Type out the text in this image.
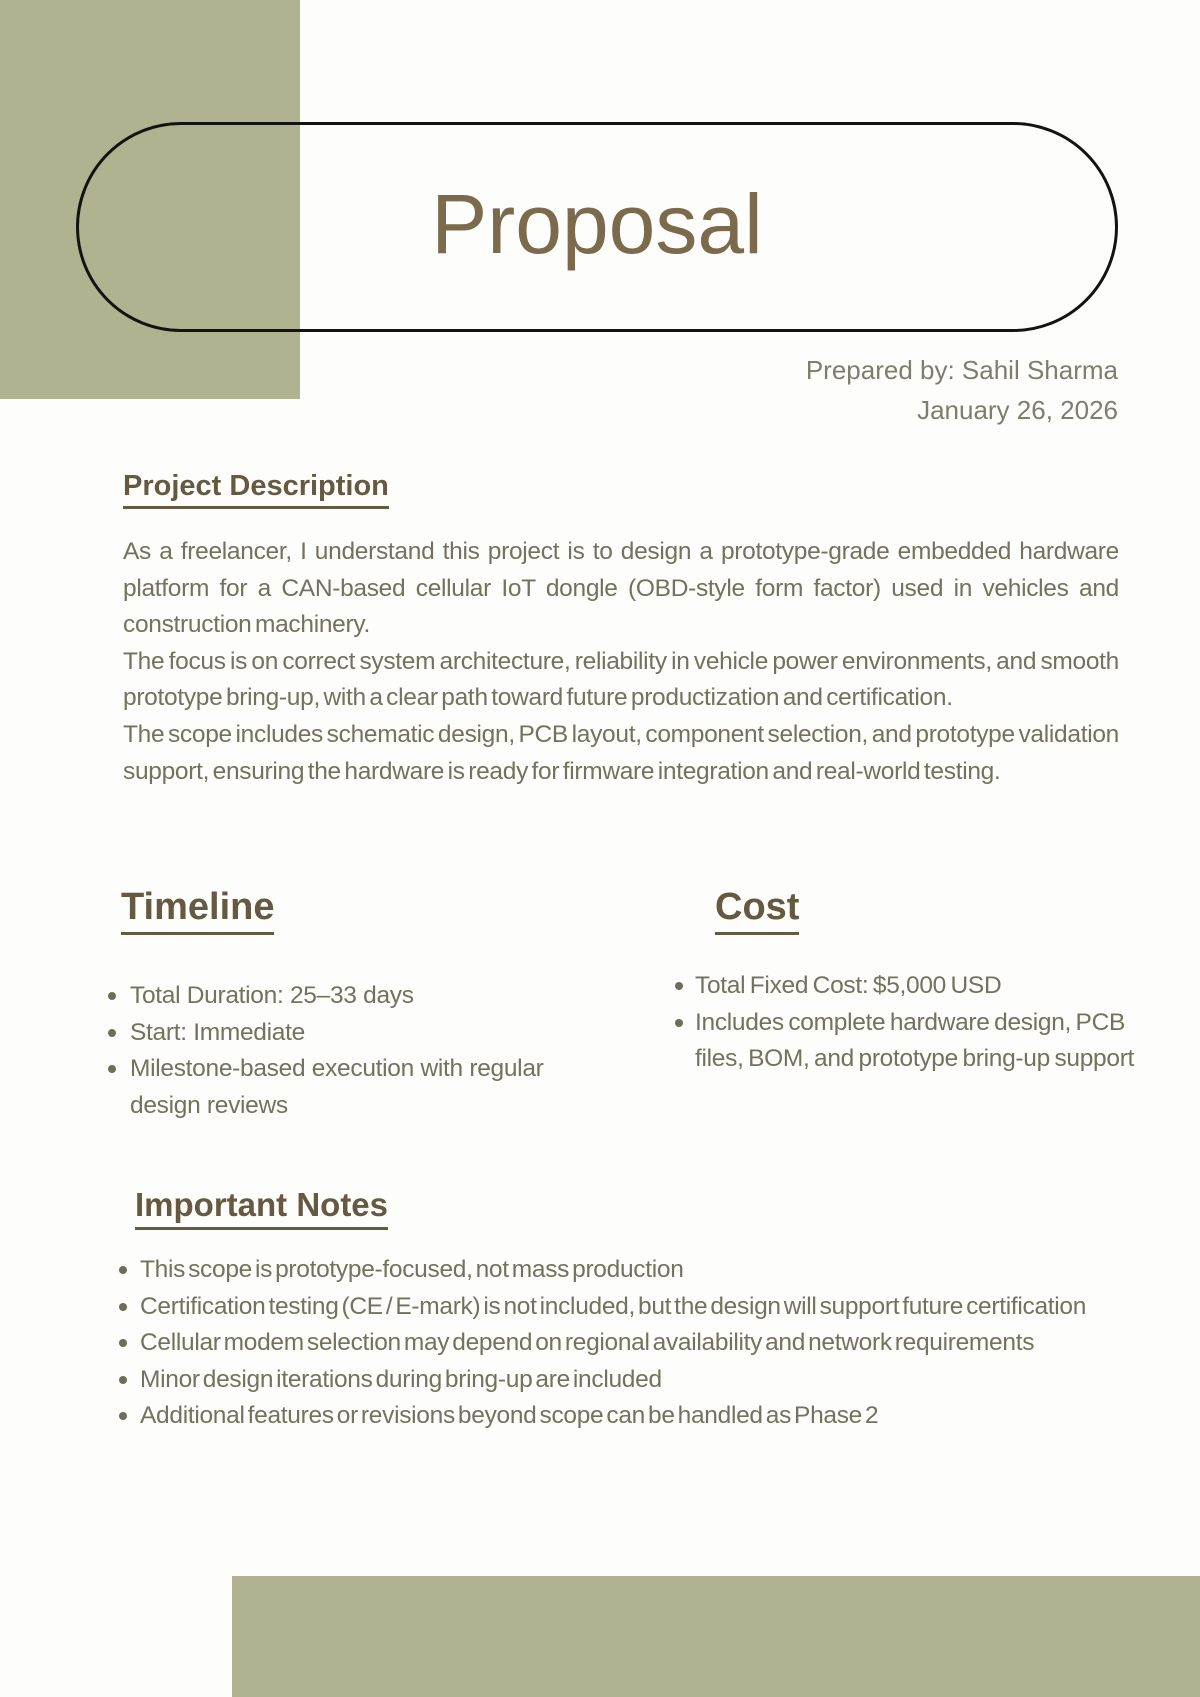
Proposal
Prepared by: Sahil Sharma
January 26, 2026
Project Description

As a freelancer, I understand this project is to design a prototype-grade embedded hardware platform for a CAN-based cellular IoT dongle (OBD-style form factor) used in vehicles and construction machinery.

The focus is on correct system architecture, reliability in vehicle power environments, and smooth prototype bring-up, with a clear path toward future productization and certification.

The scope includes schematic design, PCB layout, component selection, and prototype validation support, ensuring the hardware is ready for firmware integration and real-world testing.

Timeline
Total Duration: 25–33 days
Start: Immediate
Milestone-based execution with regular design reviews
Cost
Total Fixed Cost: $5,000 USD
Includes complete hardware design, PCB files, BOM, and prototype bring-up support
Important Notes
This scope is prototype-focused, not mass production
Certification testing (CE / E-mark) is not included, but the design will support future certification
Cellular modem selection may depend on regional availability and network requirements
Minor design iterations during bring-up are included
Additional features or revisions beyond scope can be handled as Phase 2
